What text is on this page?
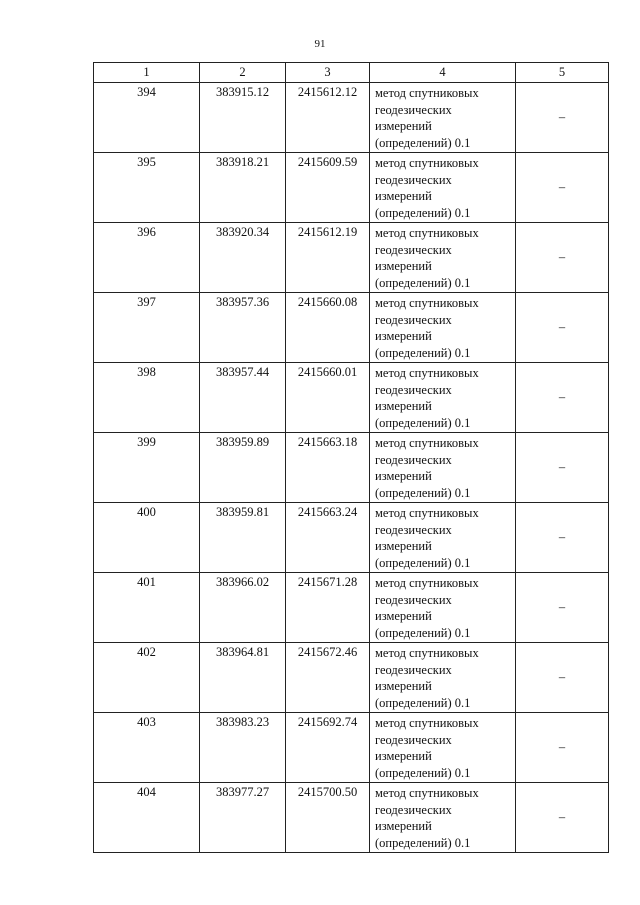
91
1	2	3	4	5
394	383915.12	2415612.12	метод спутниковых
геодезических
измерений
(определений) 0.1	–
395	383918.21	2415609.59	метод спутниковых
геодезических
измерений
(определений) 0.1	–
396	383920.34	2415612.19	метод спутниковых
геодезических
измерений
(определений) 0.1	–
397	383957.36	2415660.08	метод спутниковых
геодезических
измерений
(определений) 0.1	–
398	383957.44	2415660.01	метод спутниковых
геодезических
измерений
(определений) 0.1	–
399	383959.89	2415663.18	метод спутниковых
геодезических
измерений
(определений) 0.1	–
400	383959.81	2415663.24	метод спутниковых
геодезических
измерений
(определений) 0.1	–
401	383966.02	2415671.28	метод спутниковых
геодезических
измерений
(определений) 0.1	–
402	383964.81	2415672.46	метод спутниковых
геодезических
измерений
(определений) 0.1	–
403	383983.23	2415692.74	метод спутниковых
геодезических
измерений
(определений) 0.1	–
404	383977.27	2415700.50	метод спутниковых
геодезических
измерений
(определений) 0.1	–
